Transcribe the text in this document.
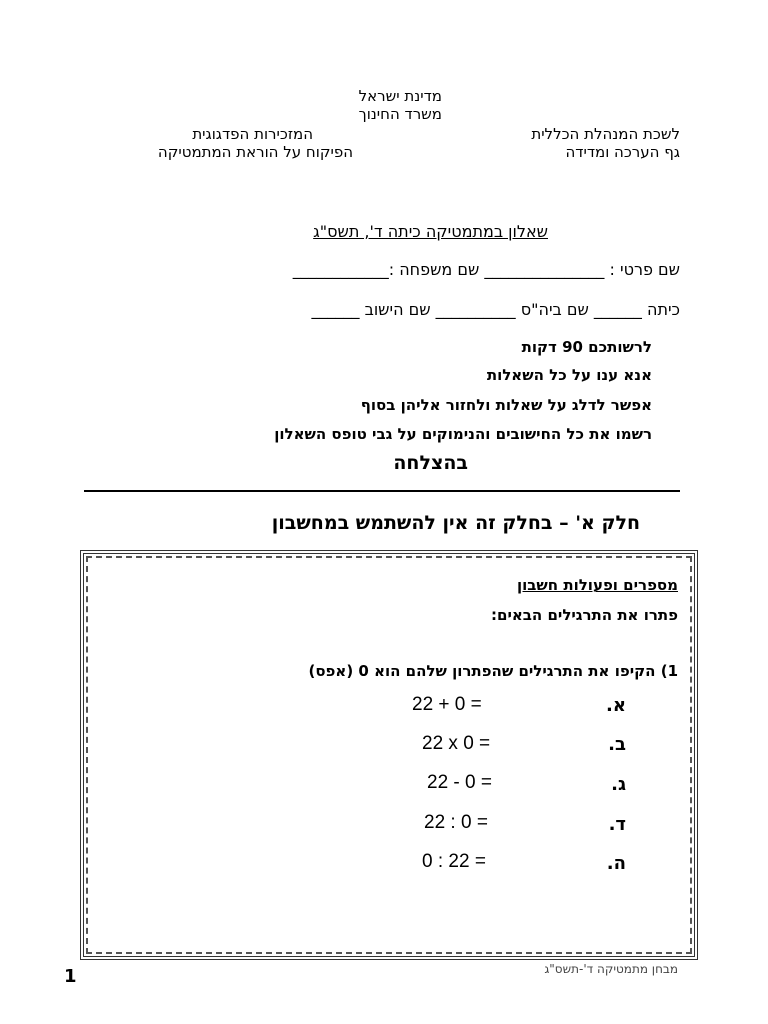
מדינת ישראל
משרד החינוך
לשכת המנהלת הכללית
גף הערכה ומדידה
המזכירות הפדגוגית
הפיקוח על הוראת המתמטיקה
שאלון במתמטיקה כיתה ד', תשס"ג
שם פרטי : _______________ שם משפחה :____________
כיתה ______ שם ביה"ס __________ שם הישוב ______
לרשותכם 90 דקות
אנא ענו על כל השאלות
אפשר לדלג על שאלות ולחזור אליהן בסוף
רשמו את כל החישובים והנימוקים על גבי טופס השאלון
בהצלחה
חלק א' – בחלק זה אין להשתמש במחשבון
מספרים ופעולות חשבון
פתרו את התרגילים הבאים:
1) הקיפו את התרגילים שהפתרון שלהם הוא 0 (אפס)
א.
22 + 0 =
ב.
22 x 0 =
ג.
22 - 0 =
ד.
22 : 0 =
ה.
0 : 22 =
1	מבחן מתמטיקה ד'-תשס"ג
